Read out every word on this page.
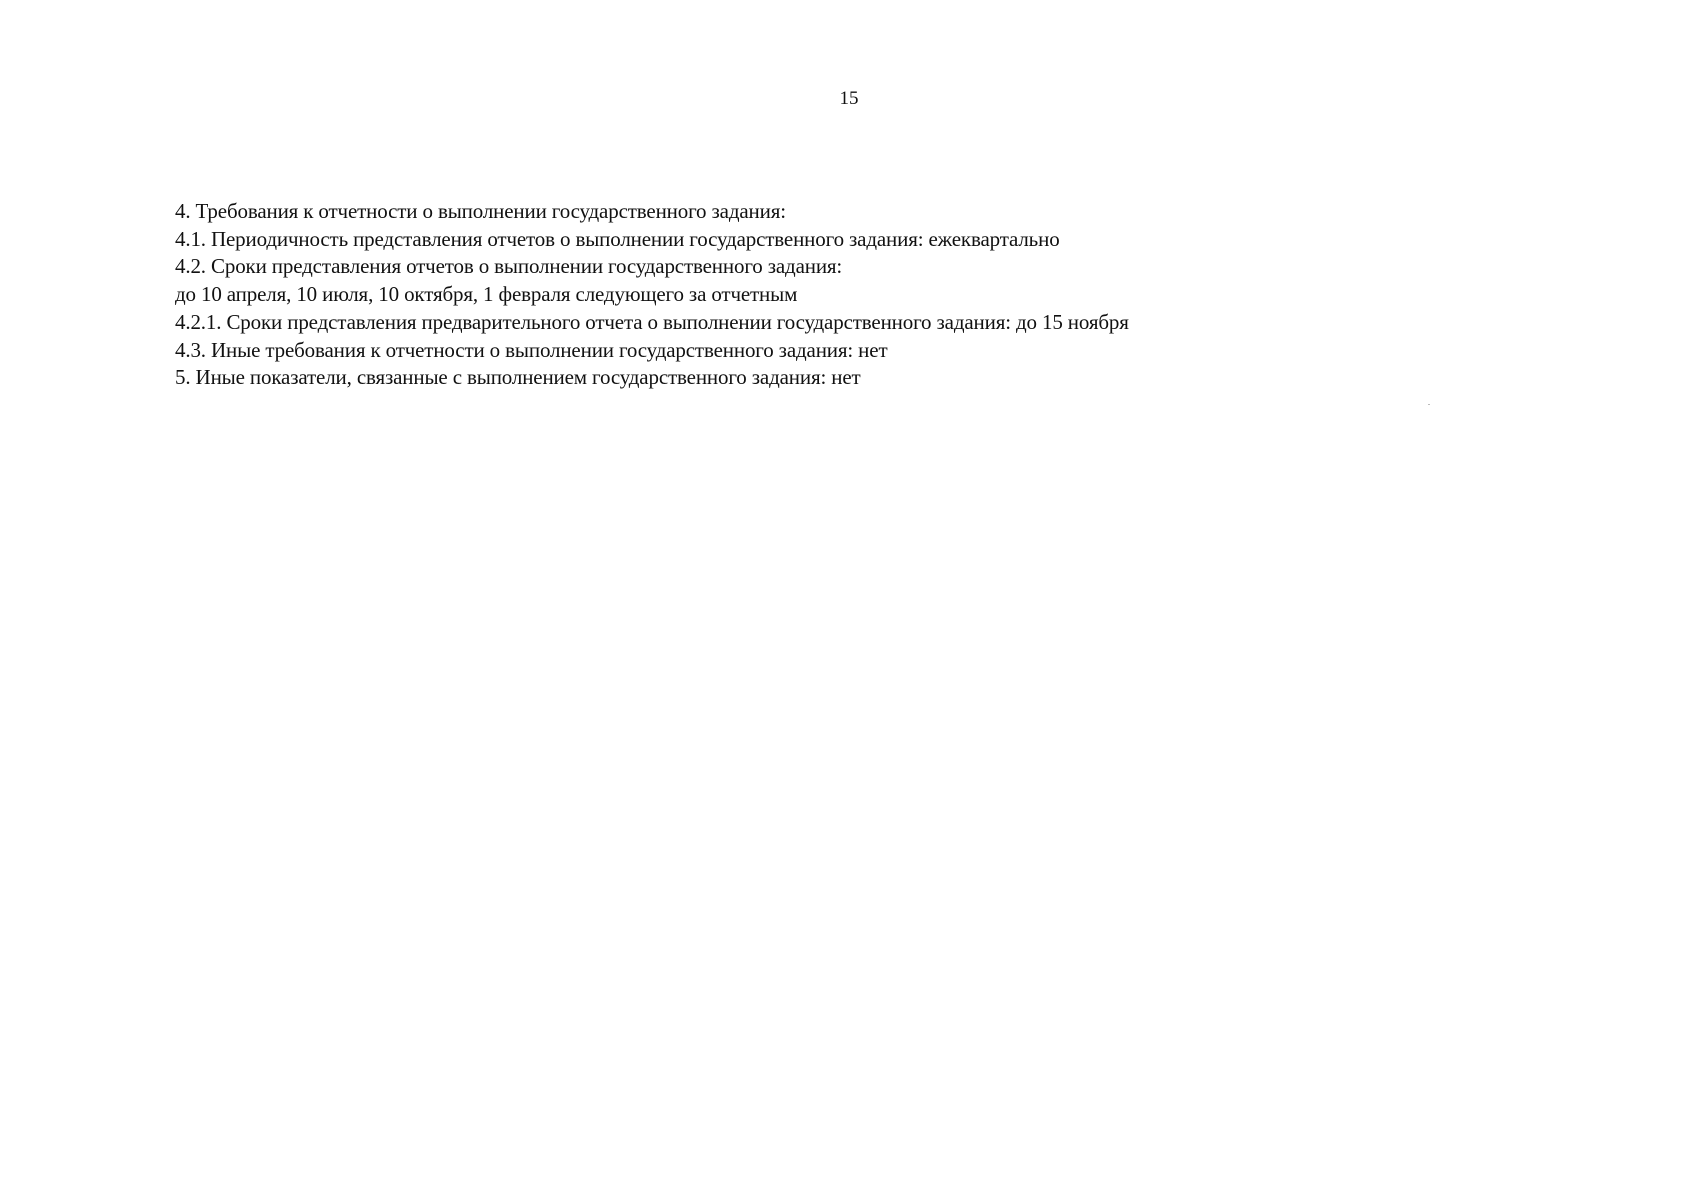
15
4. Требования к отчетности о выполнении государственного задания:
4.1. Периодичность представления отчетов о выполнении государственного задания: ежеквартально
4.2. Сроки представления отчетов о выполнении государственного задания:
до 10 апреля, 10 июля, 10 октября, 1 февраля следующего за отчетным
4.2.1. Сроки представления предварительного отчета о выполнении государственного задания: до 15 ноября
4.3. Иные требования к отчетности о выполнении государственного задания: нет
5. Иные показатели, связанные с выполнением государственного задания: нет
